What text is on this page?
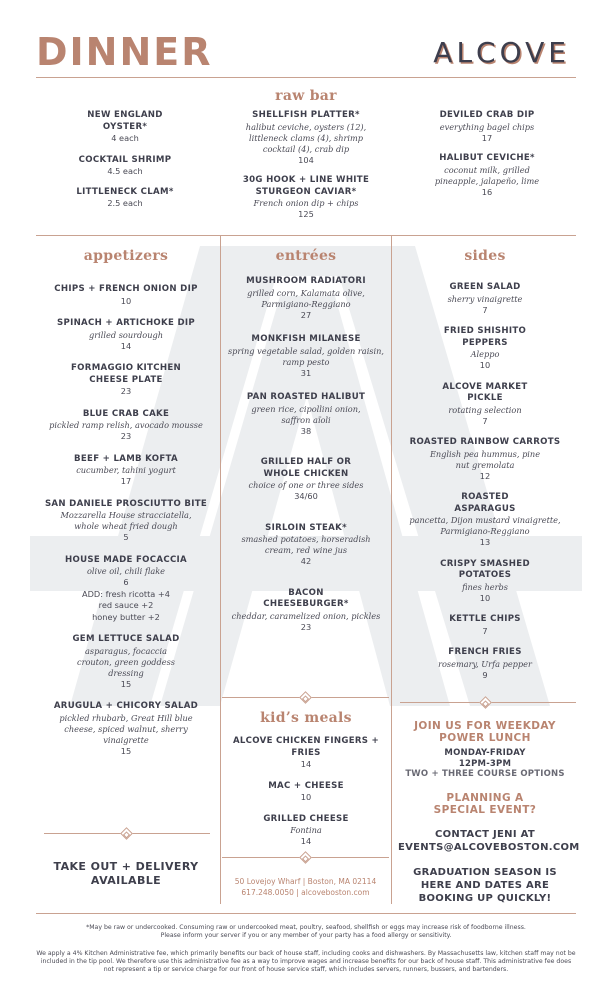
DINNER	ALCOVE
raw bar
NEW ENGLAND OYSTER*
4 each
COCKTAIL SHRIMP
4.5 each
LITTLENECK CLAM*
2.5 each
SHELLFISH PLATTER*
halibut ceviche, oysters (12), littleneck clams (4), shrimp cocktail (4), crab dip
104
30G HOOK + LINE WHITE STURGEON CAVIAR*
French onion dip + chips
125
DEVILED CRAB DIP
everything bagel chips
17
HALIBUT CEVICHE*
coconut milk, grilled pineapple, jalapeño, lime
16
appetizers
CHIPS + FRENCH ONION DIP
10
SPINACH + ARTICHOKE DIP
grilled sourdough
14
FORMAGGIO KITCHEN CHEESE PLATE
23
BLUE CRAB CAKE
pickled ramp relish, avocado mousse
23
BEEF + LAMB KOFTA
cucumber, tahini yogurt
17
SAN DANIELE PROSCIUTTO BITE
Mozzarella House stracciatella, whole wheat fried dough
5
HOUSE MADE FOCACCIA
olive oil, chili flake
6
ADD: fresh ricotta +4
red sauce +2
honey butter +2
GEM LETTUCE SALAD
asparagus, focaccia crouton, green goddess dressing
15
ARUGULA + CHICORY SALAD
pickled rhubarb, Great Hill blue cheese, spiced walnut, sherry vinaigrette
15
TAKE OUT + DELIVERY AVAILABLE
entrées
MUSHROOM RADIATORI
grilled corn, Kalamata olive, Parmigiano-Reggiano
27
MONKFISH MILANESE
spring vegetable salad, golden raisin, ramp pesto
31
PAN ROASTED HALIBUT
green rice, cipollini onion, saffron aïoli
38
GRILLED HALF OR WHOLE CHICKEN
choice of one or three sides
34/60
SIRLOIN STEAK*
smashed potatoes, horseradish cream, red wine jus
42
BACON CHEESEBURGER*
cheddar, caramelized onion, pickles
23
kid’s meals
ALCOVE CHICKEN FINGERS + FRIES
14
MAC + CHEESE
10
GRILLED CHEESE
Fontina
14
50 Lovejoy Wharf | Boston, MA 02114
617.248.0050 | alcoveboston.com
sides
GREEN SALAD
sherry vinaigrette
7
FRIED SHISHITO PEPPERS
Aleppo
10
ALCOVE MARKET PICKLE
rotating selection
7
ROASTED RAINBOW CARROTS
English pea hummus, pine nut gremolata
12
ROASTED ASPARAGUS
pancetta, Dijon mustard vinaigrette, Parmigiano-Reggiano
13
CRISPY SMASHED POTATOES
fines herbs
10
KETTLE CHIPS
7
FRENCH FRIES
rosemary, Urfa pepper
9
JOIN US FOR WEEKDAY POWER LUNCH
MONDAY-FRIDAY
12PM-3PM
TWO + THREE COURSE OPTIONS
PLANNING A SPECIAL EVENT?
CONTACT JENI AT
EVENTS@ALCOVEBOSTON.COM
GRADUATION SEASON IS HERE AND DATES ARE BOOKING UP QUICKLY!
*May be raw or undercooked. Consuming raw or undercooked meat, poultry, seafood, shellfish or eggs may increase risk of foodborne illness.
Please inform your server if you or any member of your party has a food allergy or sensitivity.
We apply a 4% Kitchen Administrative fee, which primarily benefits our back of house staff, including cooks and dishwashers. By Massachusetts law, kitchen staff may not be included in the tip pool. We therefore use this administrative fee as a way to improve wages and increase benefits for our back of house staff. This administrative fee does not represent a tip or service charge for our front of house service staff, which includes servers, runners, bussers, and bartenders.
